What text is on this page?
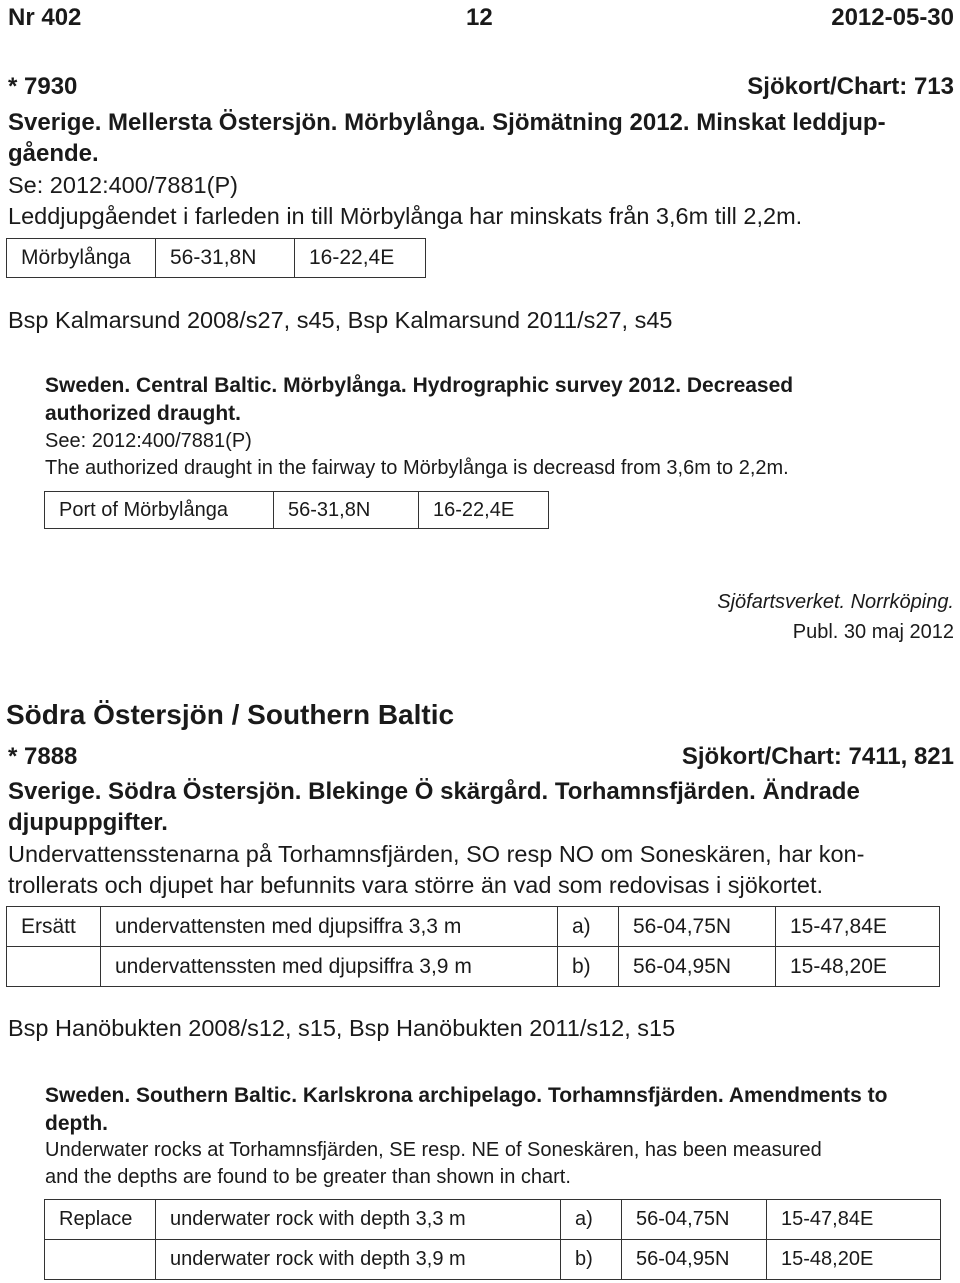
Nr 402	12	2012-05-30
* 7930	Sjökort/Chart: 713
Sverige. Mellersta Östersjön. Mörbylånga. Sjömätning 2012. Minskat leddjup-
gående.
Se: 2012:400/7881(P)
Leddjupgåendet i farleden in till Mörbylånga har minskats från 3,6m till 2,2m.
Mörbylånga	56-31,8N	16-22,4E
Bsp Kalmarsund 2008/s27, s45, Bsp Kalmarsund 2011/s27, s45
Sweden. Central Baltic. Mörbylånga. Hydrographic survey 2012. Decreased
authorized draught.
See: 2012:400/7881(P)
The authorized draught in the fairway to Mörbylånga is decreasd from 3,6m to 2,2m.
Port of Mörbylånga	56-31,8N	16-22,4E
Sjöfartsverket. Norrköping.
Publ. 30 maj 2012
Södra Östersjön / Southern Baltic
* 7888	Sjökort/Chart: 7411, 821
Sverige. Södra Östersjön. Blekinge Ö skärgård. Torhamnsfjärden. Ändrade
djupuppgifter.
Undervattensstenarna på Torhamnsfjärden, SO resp NO om Soneskären, har kon-
trollerats och djupet har befunnits vara större än vad som redovisas i sjökortet.
Ersätt	undervattensten med djupsiffra 3,3 m	a)	56-04,75N	15-47,84E
	undervattenssten med djupsiffra 3,9 m	b)	56-04,95N	15-48,20E
Bsp Hanöbukten 2008/s12, s15, Bsp Hanöbukten 2011/s12, s15
Sweden. Southern Baltic. Karlskrona archipelago. Torhamnsfjärden. Amendments to
depth.
Underwater rocks at Torhamnsfjärden, SE resp. NE of Soneskären, has been measured
and the depths are found to be greater than shown in chart.
Replace	underwater rock with depth 3,3 m	a)	56-04,75N	15-47,84E
	underwater rock with depth 3,9 m	b)	56-04,95N	15-48,20E
